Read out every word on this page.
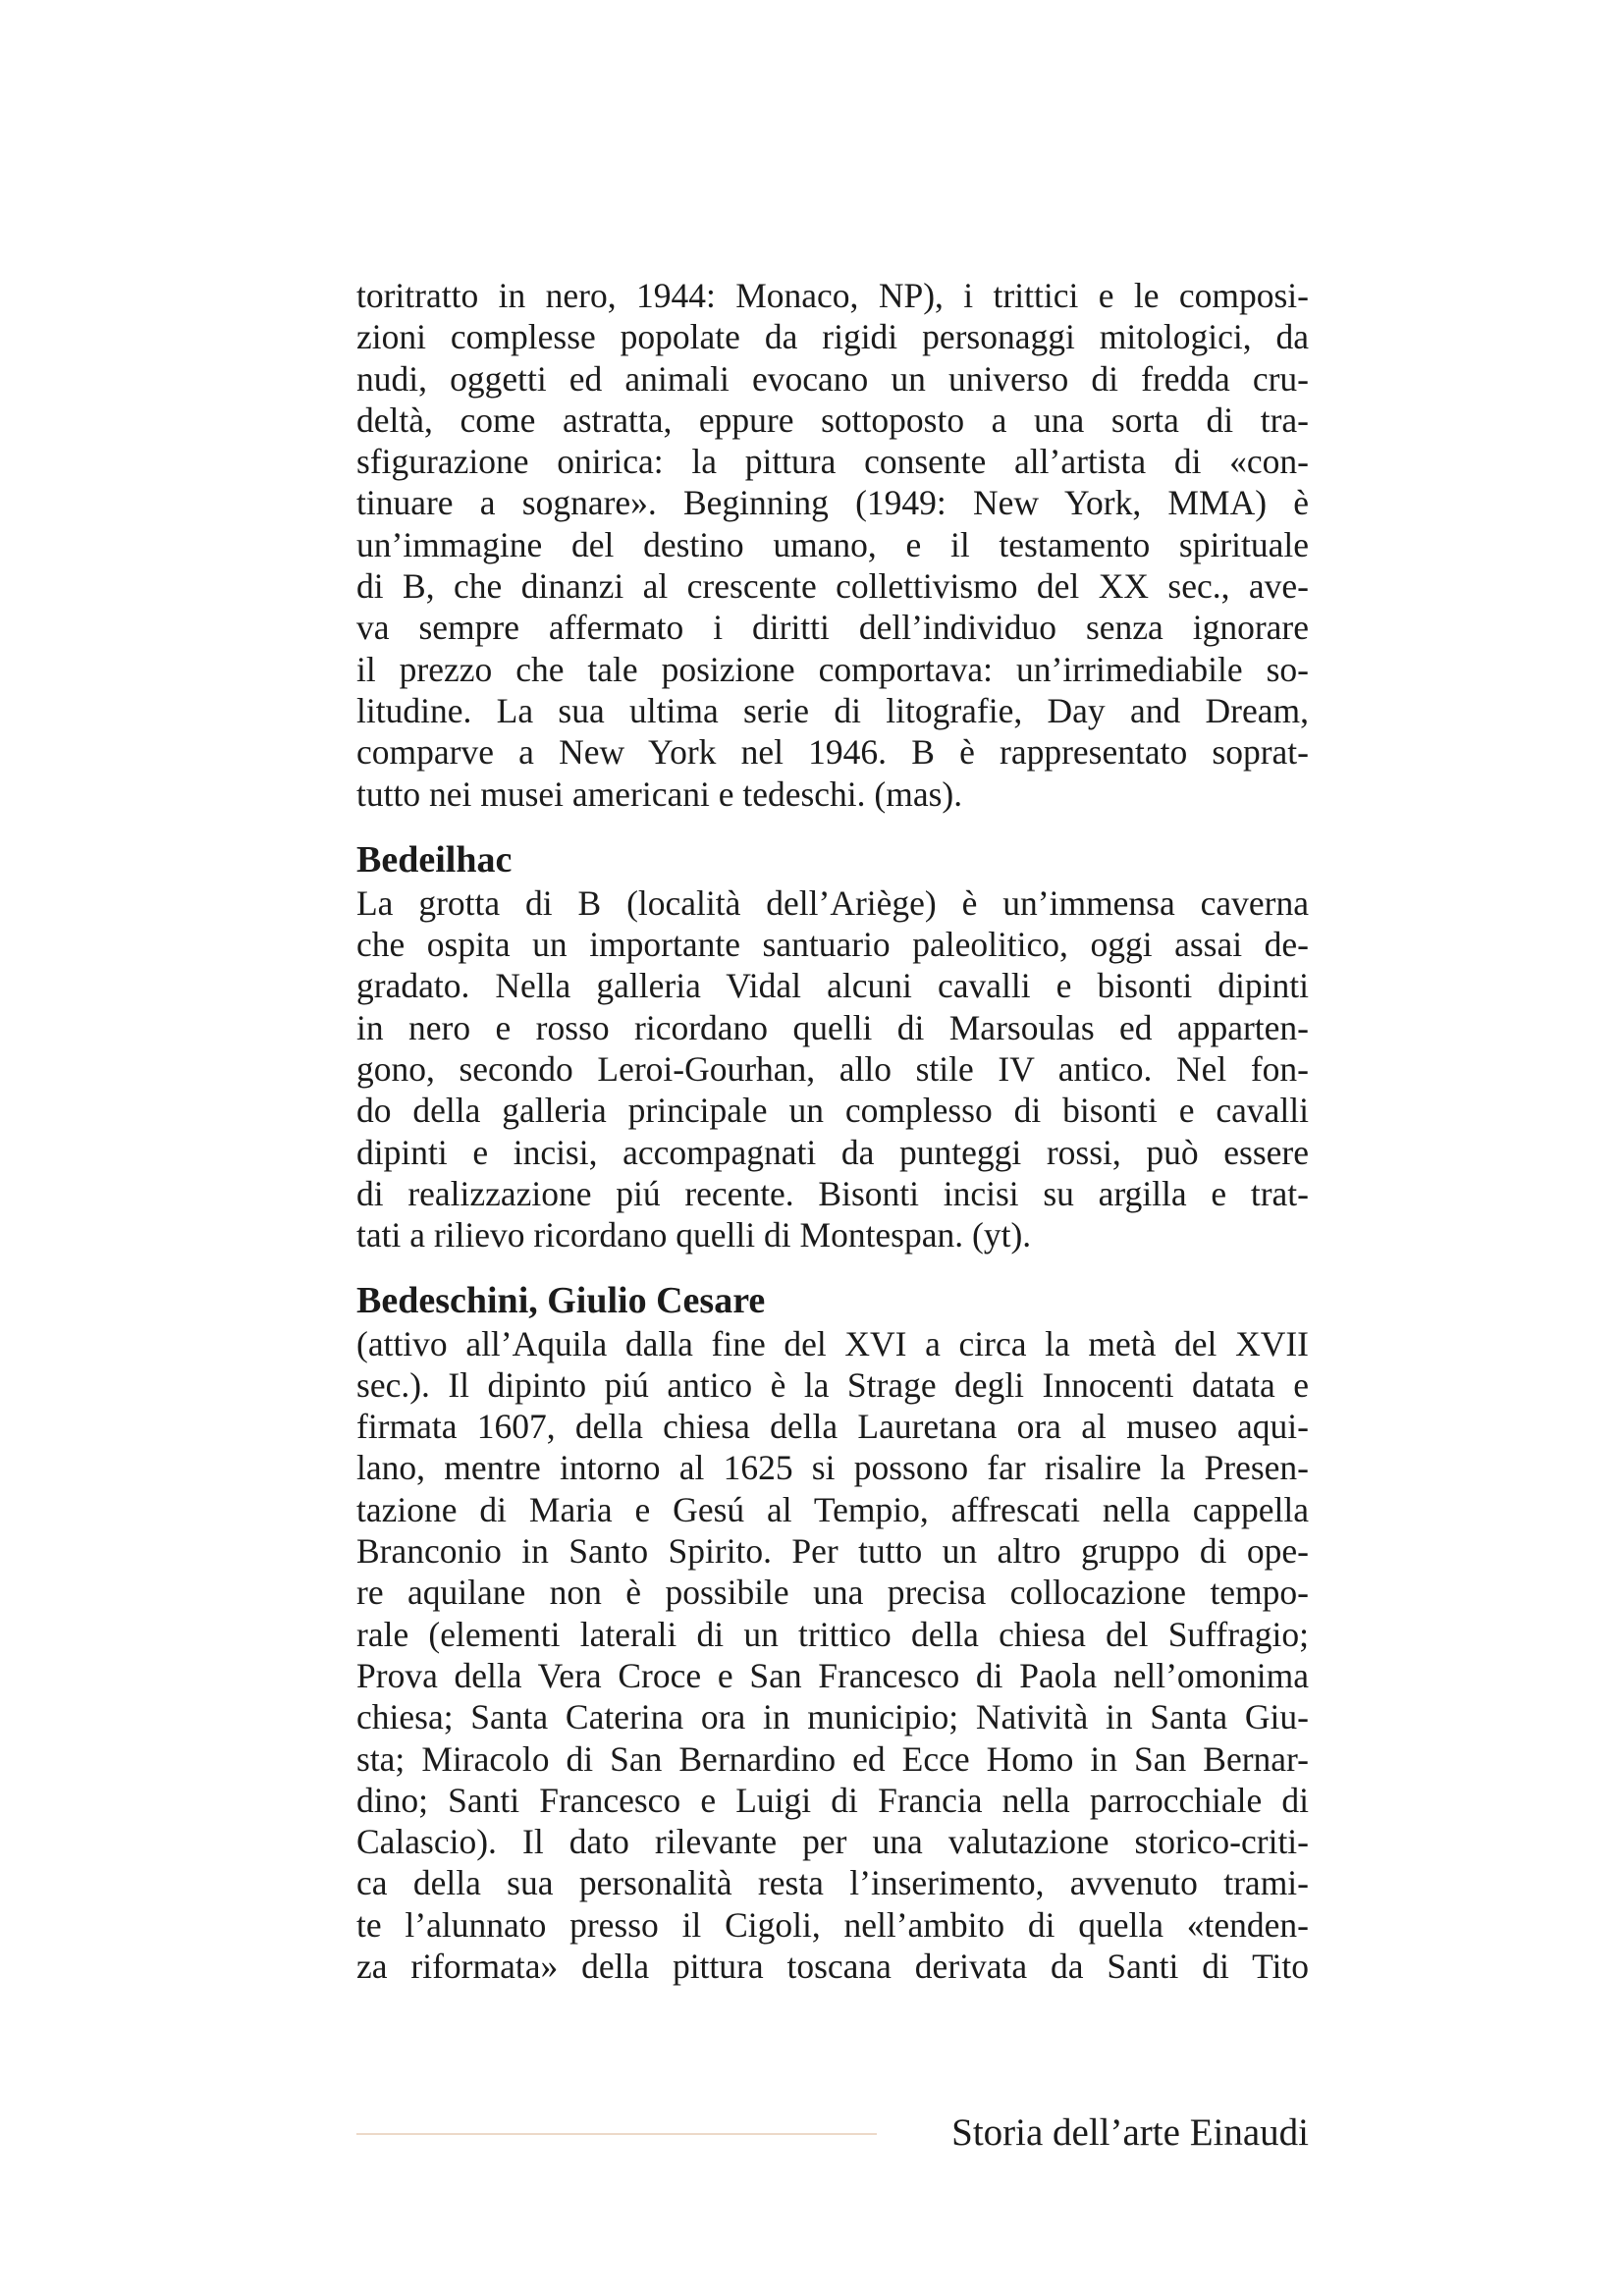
toritratto in nero, 1944: Monaco, NP), i trittici e le composi-
zioni complesse popolate da rigidi personaggi mitologici, da
nudi, oggetti ed animali evocano un universo di fredda cru-
deltà, come astratta, eppure sottoposto a una sorta di tra-
sfigurazione onirica: la pittura consente all’artista di «con-
tinuare a sognare». Beginning (1949: New York, MMA) è
un’immagine del destino umano, e il testamento spirituale
di B, che dinanzi al crescente collettivismo del XX sec., ave-
va sempre affermato i diritti dell’individuo senza ignorare
il prezzo che tale posizione comportava: un’irrimediabile so-
litudine. La sua ultima serie di litografie, Day and Dream,
comparve a New York nel 1946. B è rappresentato soprat-
tutto nei musei americani e tedeschi. (mas).
Bedeilhac
La grotta di B (località dell’Ariège) è un’immensa caverna
che ospita un importante santuario paleolitico, oggi assai de-
gradato. Nella galleria Vidal alcuni cavalli e bisonti dipinti
in nero e rosso ricordano quelli di Marsoulas ed apparten-
gono, secondo Leroi-Gourhan, allo stile IV antico. Nel fon-
do della galleria principale un complesso di bisonti e cavalli
dipinti e incisi, accompagnati da punteggi rossi, può essere
di realizzazione piú recente. Bisonti incisi su argilla e trat-
tati a rilievo ricordano quelli di Montespan. (yt).
Bedeschini, Giulio Cesare
(attivo all’Aquila dalla fine del XVI a circa la metà del XVII
sec.). Il dipinto piú antico è la Strage degli Innocenti datata e
firmata 1607, della chiesa della Lauretana ora al museo aqui-
lano, mentre intorno al 1625 si possono far risalire la Presen-
tazione di Maria e Gesú al Tempio, affrescati nella cappella
Branconio in Santo Spirito. Per tutto un altro gruppo di ope-
re aquilane non è possibile una precisa collocazione tempo-
rale (elementi laterali di un trittico della chiesa del Suffragio;
Prova della Vera Croce e San Francesco di Paola nell’omonima
chiesa; Santa Caterina ora in municipio; Natività in Santa Giu-
sta; Miracolo di San Bernardino ed Ecce Homo in San Bernar-
dino; Santi Francesco e Luigi di Francia nella parrocchiale di
Calascio). Il dato rilevante per una valutazione storico-criti-
ca della sua personalità resta l’inserimento, avvenuto trami-
te l’alunnato presso il Cigoli, nell’ambito di quella «tenden-
za riformata» della pittura toscana derivata da Santi di Tito
Storia dell’arte Einaudi
